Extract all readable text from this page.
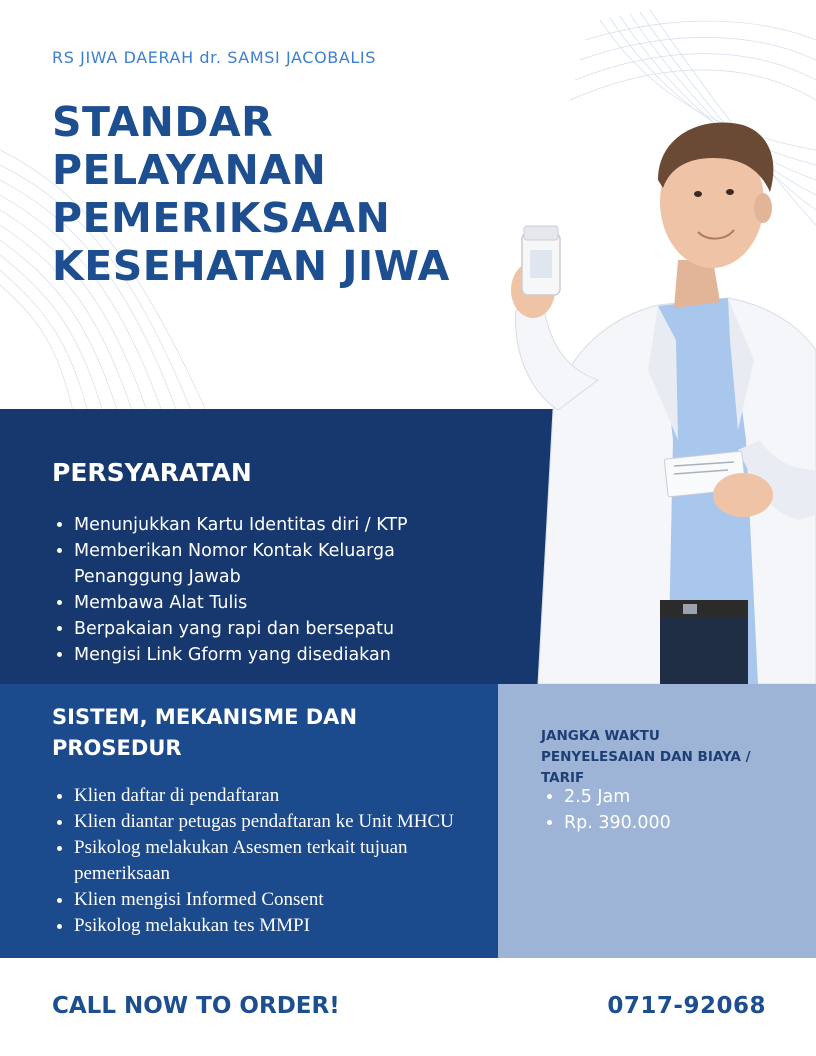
RS JIWA DAERAH dr. SAMSI JACOBALIS
STANDAR
PELAYANAN
PEMERIKSAAN
KESEHATAN JIWA
PERSYARATAN
• Menunjukkan Kartu Identitas diri / KTP
• Memberikan Nomor Kontak Keluarga Penanggung Jawab
• Membawa Alat Tulis
• Berpakaian yang rapi dan bersepatu
• Mengisi Link Gform yang disediakan
SISTEM, MEKANISME DAN PROSEDUR
• Klien daftar di pendaftaran
• Klien diantar petugas pendaftaran ke Unit MHCU
• Psikolog melakukan Asesmen terkait tujuan pemeriksaan
• Klien mengisi Informed Consent
• Psikolog melakukan tes MMPI
JANGKA WAKTU PENYELESAIAN DAN BIAYA / TARIF
• 2.5 Jam
• Rp. 390.000
CALL NOW TO ORDER!	0717-92068
